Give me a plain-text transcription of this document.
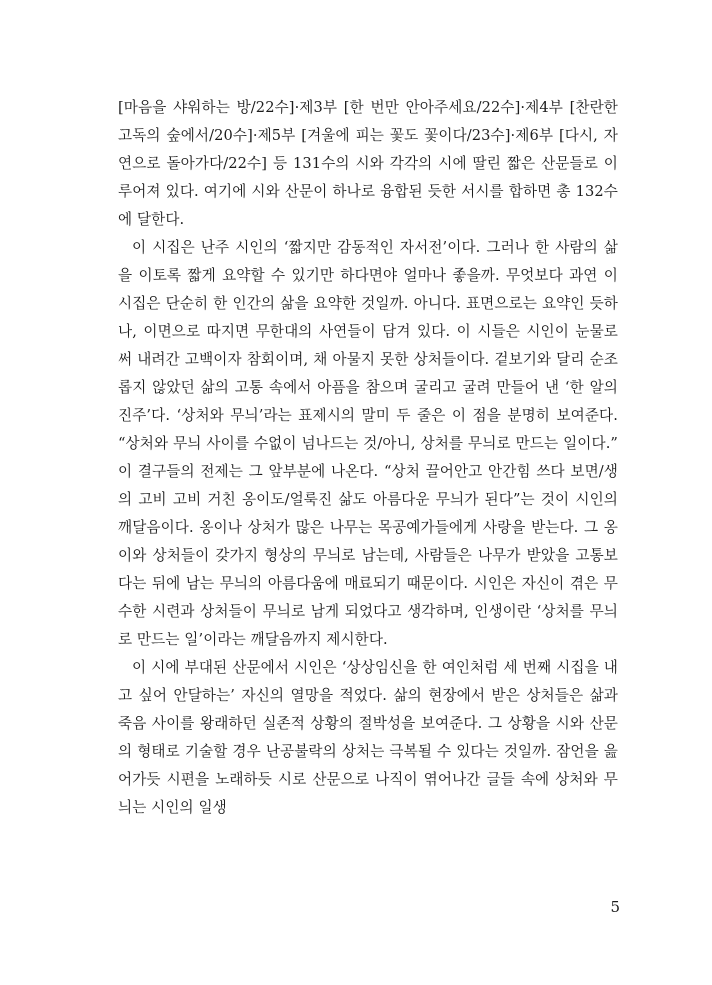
[마음을 샤워하는 방/22수]·제3부 [한 번만 안아주세요/22수]·제4부 [찬란한 고독의 숲에서/20수]·제5부 [겨울에 피는 꽃도 꽃이다/23수]·제6부 [다시, 자연으로 돌아가다/22수] 등 131수의 시와 각각의 시에 딸린 짧은 산문들로 이루어져 있다. 여기에 시와 산문이 하나로 융합된 듯한 서시를 합하면 총 132수에 달한다.

이 시집은 난주 시인의 ‘짧지만 감동적인 자서전’이다. 그러나 한 사람의 삶을 이토록 짧게 요약할 수 있기만 하다면야 얼마나 좋을까. 무엇보다 과연 이 시집은 단순히 한 인간의 삶을 요약한 것일까. 아니다. 표면으로는 요약인 듯하나, 이면으로 따지면 무한대의 사연들이 담겨 있다. 이 시들은 시인이 눈물로 써 내려간 고백이자 참회이며, 채 아물지 못한 상처들이다. 겉보기와 달리 순조롭지 않았던 삶의 고통 속에서 아픔을 참으며 굴리고 굴려 만들어 낸 ‘한 알의 진주’다. ‘상처와 무늬’라는 표제시의 말미 두 줄은 이 점을 분명히 보여준다. “상처와 무늬 사이를 수없이 넘나드는 것/아니, 상처를 무늬로 만드는 일이다.” 이 결구들의 전제는 그 앞부분에 나온다. “상처 끌어안고 안간힘 쓰다 보면/생의 고비 고비 거친 옹이도/얼룩진 삶도 아름다운 무늬가 된다”는 것이 시인의 깨달음이다. 옹이나 상처가 많은 나무는 목공예가들에게 사랑을 받는다. 그 옹이와 상처들이 갖가지 형상의 무늬로 남는데, 사람들은 나무가 받았을 고통보다는 뒤에 남는 무늬의 아름다움에 매료되기 때문이다. 시인은 자신이 겪은 무수한 시련과 상처들이 무늬로 남게 되었다고 생각하며, 인생이란 ‘상처를 무늬로 만드는 일’이라는 깨달음까지 제시한다.

이 시에 부대된 산문에서 시인은 ‘상상임신을 한 여인처럼 세 번째 시집을 내고 싶어 안달하는’ 자신의 열망을 적었다. 삶의 현장에서 받은 상처들은 삶과 죽음 사이를 왕래하던 실존적 상황의 절박성을 보여준다. 그 상황을 시와 산문의 형태로 기술할 경우 난공불락의 상처는 극복될 수 있다는 것일까. 잠언을 읊어가듯 시편을 노래하듯 시로 산문으로 나직이 엮어나간 글들 속에 상처와 무늬는 시인의 일생

5
